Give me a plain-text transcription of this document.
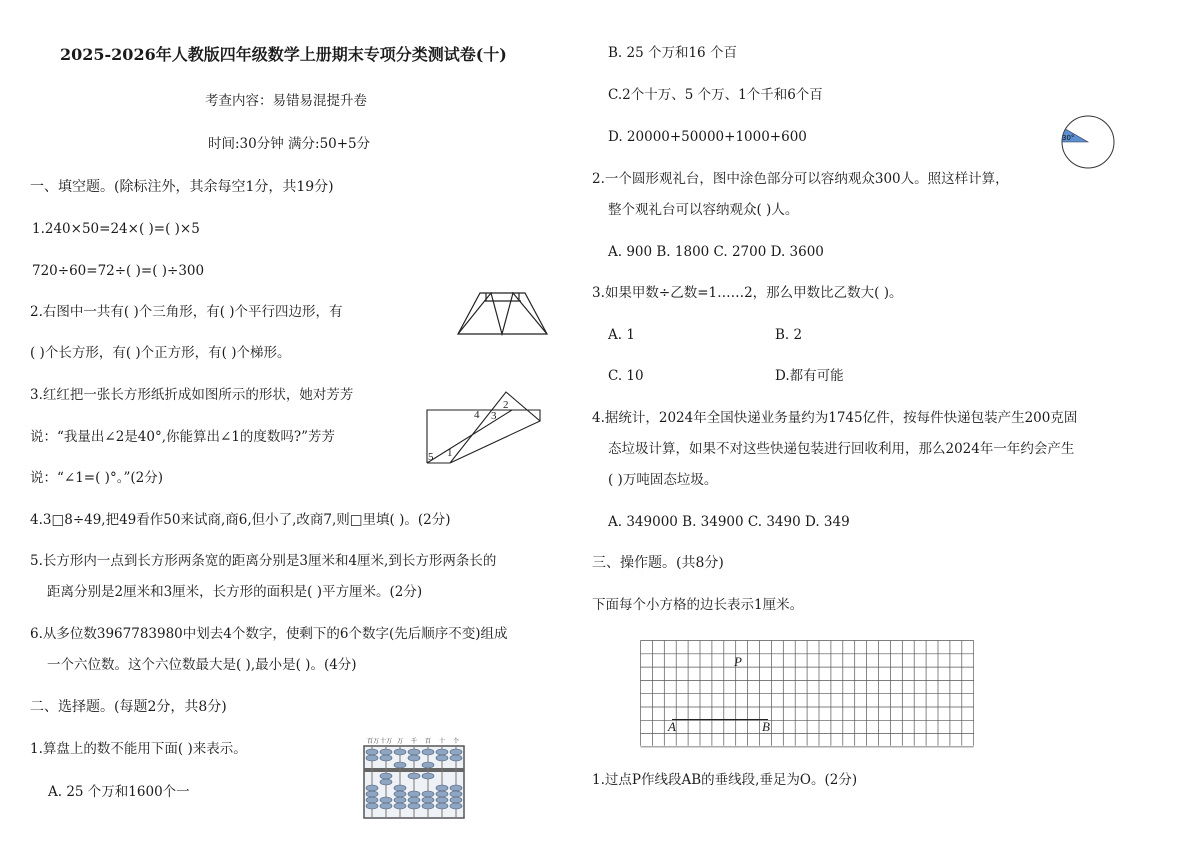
2025-2026年人教版四年级数学上册期末专项分类测试卷(十)
考查内容：易错易混提升卷
时间:30分钟 满分:50+5分
一、填空题。(除标注外，其余每空1分，共19分)
1.240×50=24×( )=( )×5
720÷60=72÷( )=( )÷300
2.右图中一共有( )个三角形，有( )个平行四边形，有
( )个长方形，有( )个正方形，有( )个梯形。
3.红红把一张长方形纸折成如图所示的形状，她对芳芳
说：“我量出∠2是40°,你能算出∠1的度数吗?”芳芳
说：“∠1=( )°。”(2分)
4 3
2
5 1
4.3□8÷49,把49看作50来试商,商6,但小了,改商7,则□里填( )。(2分)
5.长方形内一点到长方形两条宽的距离分别是3厘米和4厘米,到长方形两条长的
距离分别是2厘米和3厘米，长方形的面积是( )平方厘米。(2分)
6.从多位数3967783980中划去4个数字，使剩下的6个数字(先后顺序不变)组成
一个六位数。这个六位数最大是( ),最小是( )。(4分)
二、选择题。(每题2分，共8分)
1.算盘上的数不能用下面( )来表示。
A. 25 个万和1600个一
百万 十万 万 千 百 十 个
B. 25 个万和16 个百
C.2个十万、5 个万、1个千和6个百
D. 20000+50000+1000+600	30°
2.一个圆形观礼台，图中涂色部分可以容纳观众300人。照这样计算，
整个观礼台可以容纳观众( )人。
A. 900 B. 1800 C. 2700 D. 3600
3.如果甲数÷乙数=1……2，那么甲数比乙数大( )。
A. 1	B. 2
C. 10	D.都有可能
4.据统计，2024年全国快递业务量约为1745亿件，按每件快递包装产生200克固
态垃圾计算，如果不对这些快递包装进行回收利用，那么2024年一年约会产生
( )万吨固态垃圾。
A. 349000 B. 34900 C. 3490 D. 349
三、操作题。(共8分)
下面每个小方格的边长表示1厘米。
P
A	B
1.过点P作线段AB的垂线段,垂足为O。(2分)
